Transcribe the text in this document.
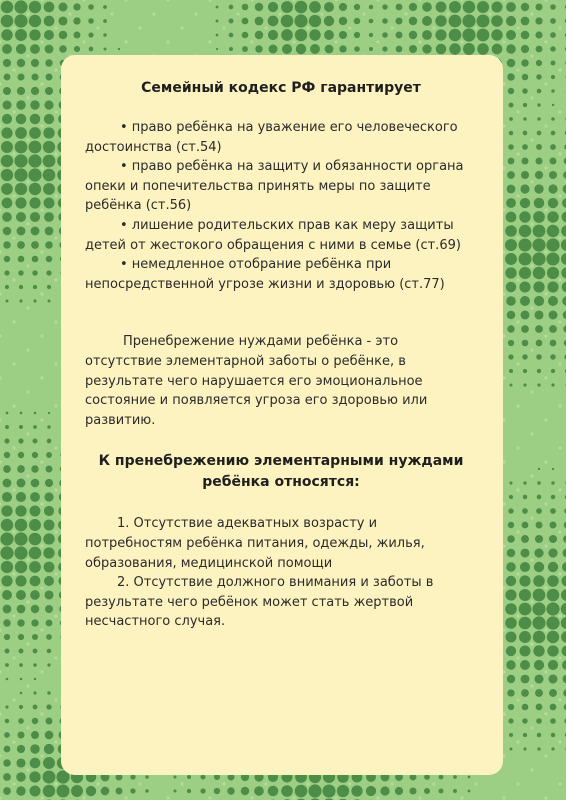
Семейный кодекс РФ гарантирует

• право ребёнка на уважение его человеческого достоинства (ст.54)
• право ребёнка на защиту и обязанности органа опеки и попечительства принять меры по защите ребёнка (ст.56)
• лишение родительских прав как меру защиты детей от жестокого обращения с ними в семье (ст.69)
• немедленное отобрание ребёнка при непосредственной угрозе жизни и здоровью (ст.77)

Пренебрежение нуждами ребёнка - это отсутствие элементарной заботы о ребёнке, в результате чего нарушается его эмоциональное состояние и появляется угроза его здоровью или развитию.

К пренебрежению элементарными нуждами ребёнка относятся:

1. Отсутствие адекватных возрасту и потребностям ребёнка питания, одежды, жилья, образования, медицинской помощи
2. Отсутствие должного внимания и заботы в результате чего ребёнок может стать жертвой несчастного случая.
